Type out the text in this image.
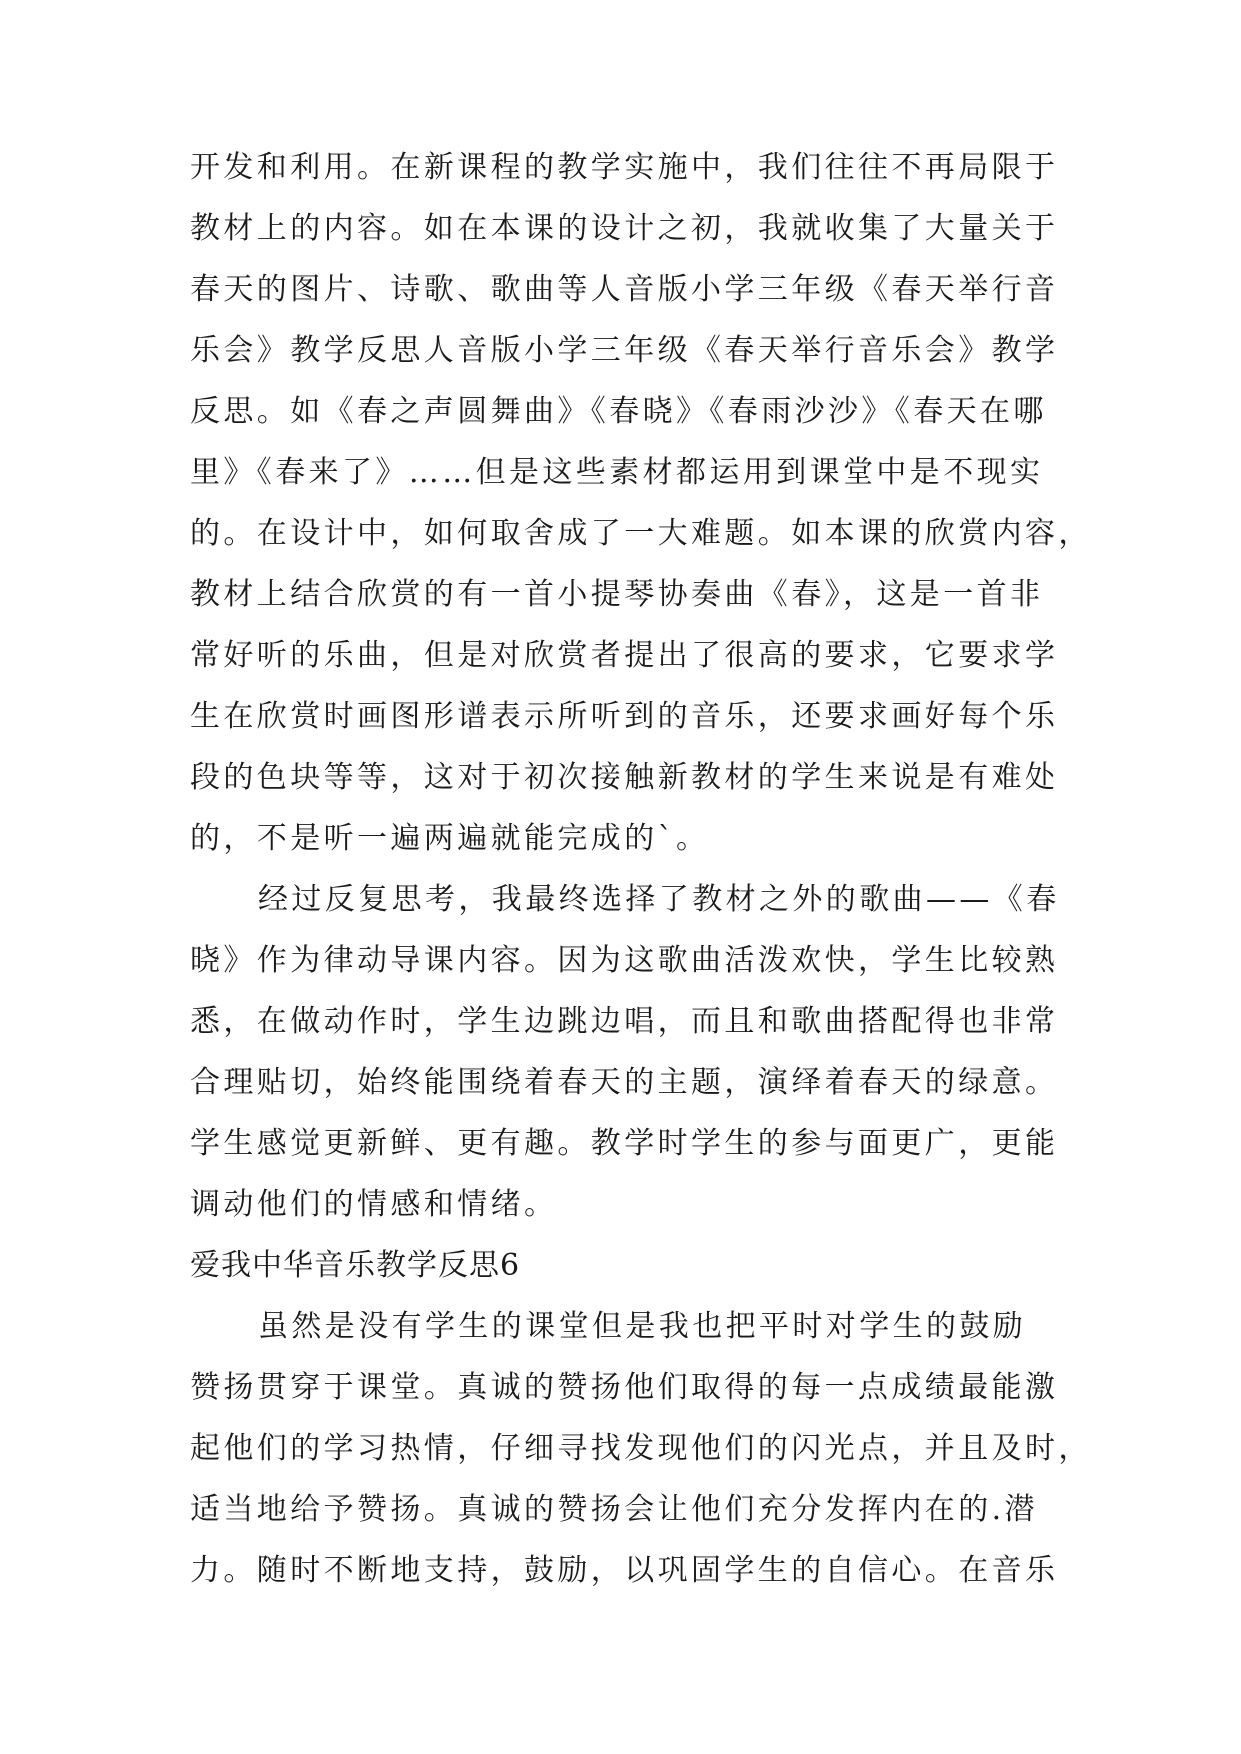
开发和利用。在新课程的教学实施中，我们往往不再局限于
教材上的内容。如在本课的设计之初，我就收集了大量关于
春天的图片、诗歌、歌曲等人音版小学三年级《春天举行音
乐会》教学反思人音版小学三年级《春天举行音乐会》教学
反思。如《春之声圆舞曲》《春晓》《春雨沙沙》《春天在哪
里》《春来了》……但是这些素材都运用到课堂中是不现实
的。在设计中，如何取舍成了一大难题。如本课的欣赏内容，
教材上结合欣赏的有一首小提琴协奏曲《春》，这是一首非
常好听的乐曲，但是对欣赏者提出了很高的要求，它要求学
生在欣赏时画图形谱表示所听到的音乐，还要求画好每个乐
段的色块等等，这对于初次接触新教材的学生来说是有难处
的，不是听一遍两遍就能完成的`。
经过反复思考，我最终选择了教材之外的歌曲——《春
晓》作为律动导课内容。因为这歌曲活泼欢快，学生比较熟
悉，在做动作时，学生边跳边唱，而且和歌曲搭配得也非常
合理贴切，始终能围绕着春天的主题，演绎着春天的绿意。
学生感觉更新鲜、更有趣。教学时学生的参与面更广，更能
调动他们的情感和情绪。
爱我中华音乐教学反思6
虽然是没有学生的课堂但是我也把平时对学生的鼓励
赞扬贯穿于课堂。真诚的赞扬他们取得的每一点成绩最能激
起他们的学习热情，仔细寻找发现他们的闪光点，并且及时，
适当地给予赞扬。真诚的赞扬会让他们充分发挥内在的.潜
力。随时不断地支持，鼓励，以巩固学生的自信心。在音乐
